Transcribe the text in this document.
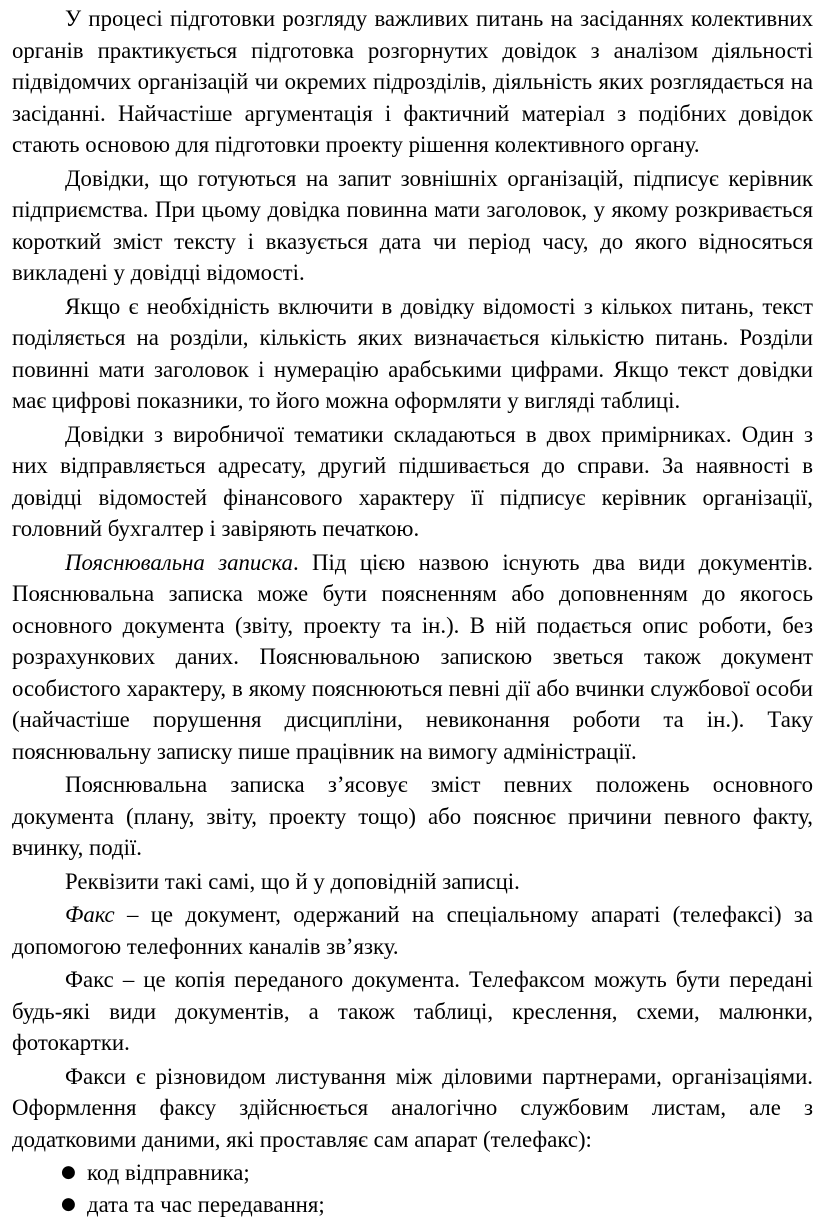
У процесі підготовки розгляду важливих питань на засіданнях колективних органів практикується підготовка розгорнутих довідок з аналізом діяльності підвідомчих організацій чи окремих підрозділів, діяльність яких розглядається на засіданні. Найчастіше аргументація і фактичний матеріал з подібних довідок стають основою для підготовки проекту рішення колективного органу.

Довідки, що готуються на запит зовнішніх організацій, підписує керівник підприємства. При цьому довідка повинна мати заголовок, у якому розкривається короткий зміст тексту і вказується дата чи період часу, до якого відносяться викладені у довідці відомості.

Якщо є необхідність включити в довідку відомості з кількох питань, текст поділяється на розділи, кількість яких визначається кількістю питань. Розділи повинні мати заголовок і нумерацію арабськими цифрами. Якщо текст довідки має цифрові показники, то його можна оформляти у вигляді таблиці.

Довідки з виробничої тематики складаються в двох примірниках. Один з них відправляється адресату, другий підшивається до справи. За наявності в довідці відомостей фінансового характеру її підписує керівник організації, головний бухгалтер і завіряють печаткою.

Пояснювальна записка. Під цією назвою існують два види документів. Пояснювальна записка може бути поясненням або доповненням до якогось основного документа (звіту, проекту та ін.). В ній подається опис роботи, без розрахункових даних. Пояснювальною запискою зветься також документ особистого характеру, в якому пояснюються певні дії або вчинки службової особи (найчастіше порушення дисципліни, невиконання роботи та ін.). Таку пояснювальну записку пише працівник на вимогу адміністрації.

Пояснювальна записка з’ясовує зміст певних положень основного документа (плану, звіту, проекту тощо) або пояснює причини певного факту, вчинку, події.

Реквізити такі самі, що й у доповідній записці.

Факс – це документ, одержаний на спеціальному апараті (телефаксі) за допомогою телефонних каналів зв’язку.

Факс – це копія переданого документа. Телефаксом можуть бути передані будь-які види документів, а також таблиці, креслення, схеми, малюнки, фотокартки.

Факси є різновидом листування між діловими партнерами, організаціями. Оформлення факсу здійснюється аналогічно службовим листам, але з додатковими даними, які проставляє сам апарат (телефакс):

● код відправника;
● дата та час передавання;
